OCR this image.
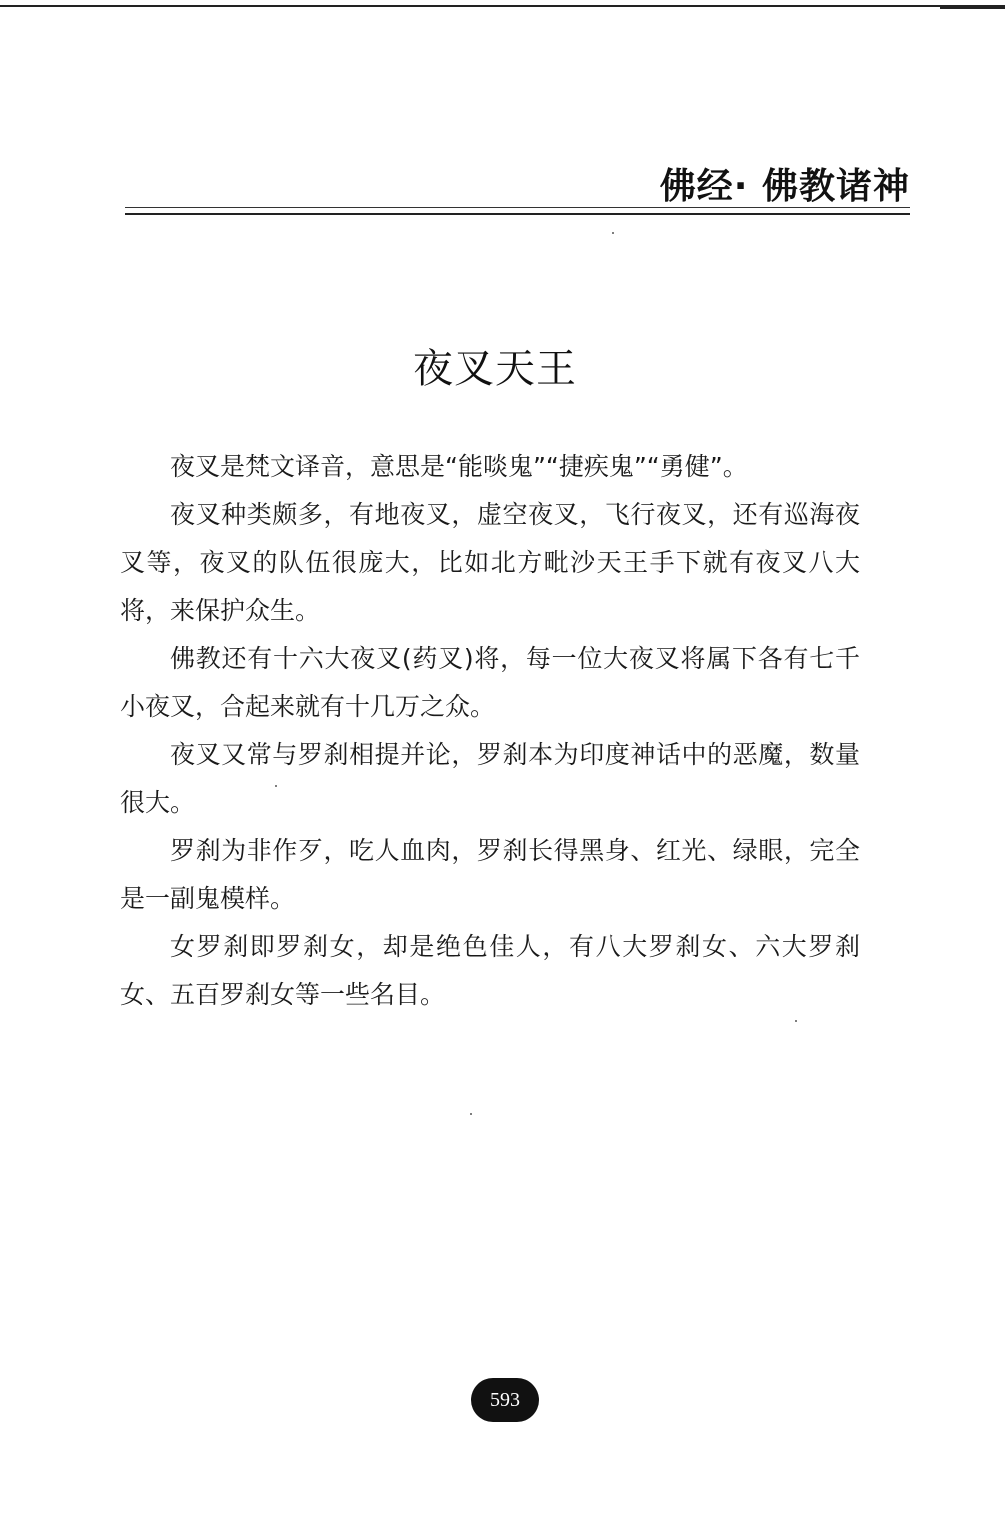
佛经· 佛教诸神
夜叉天王

夜叉是梵文译音，意思是“能啖鬼”“捷疾鬼”“勇健”。

夜叉种类颇多，有地夜叉，虚空夜叉，飞行夜叉，还有巡海夜叉等，夜叉的队伍很庞大，比如北方毗沙天王手下就有夜叉八大将，来保护众生。

佛教还有十六大夜叉(药叉)将，每一位大夜叉将属下各有七千小夜叉，合起来就有十几万之众。

夜叉又常与罗刹相提并论，罗刹本为印度神话中的恶魔，数量很大。

罗刹为非作歹，吃人血肉，罗刹长得黑身、红光、绿眼，完全是一副鬼模样。

女罗刹即罗刹女，却是绝色佳人，有八大罗刹女、六大罗刹女、五百罗刹女等一些名目。

593
